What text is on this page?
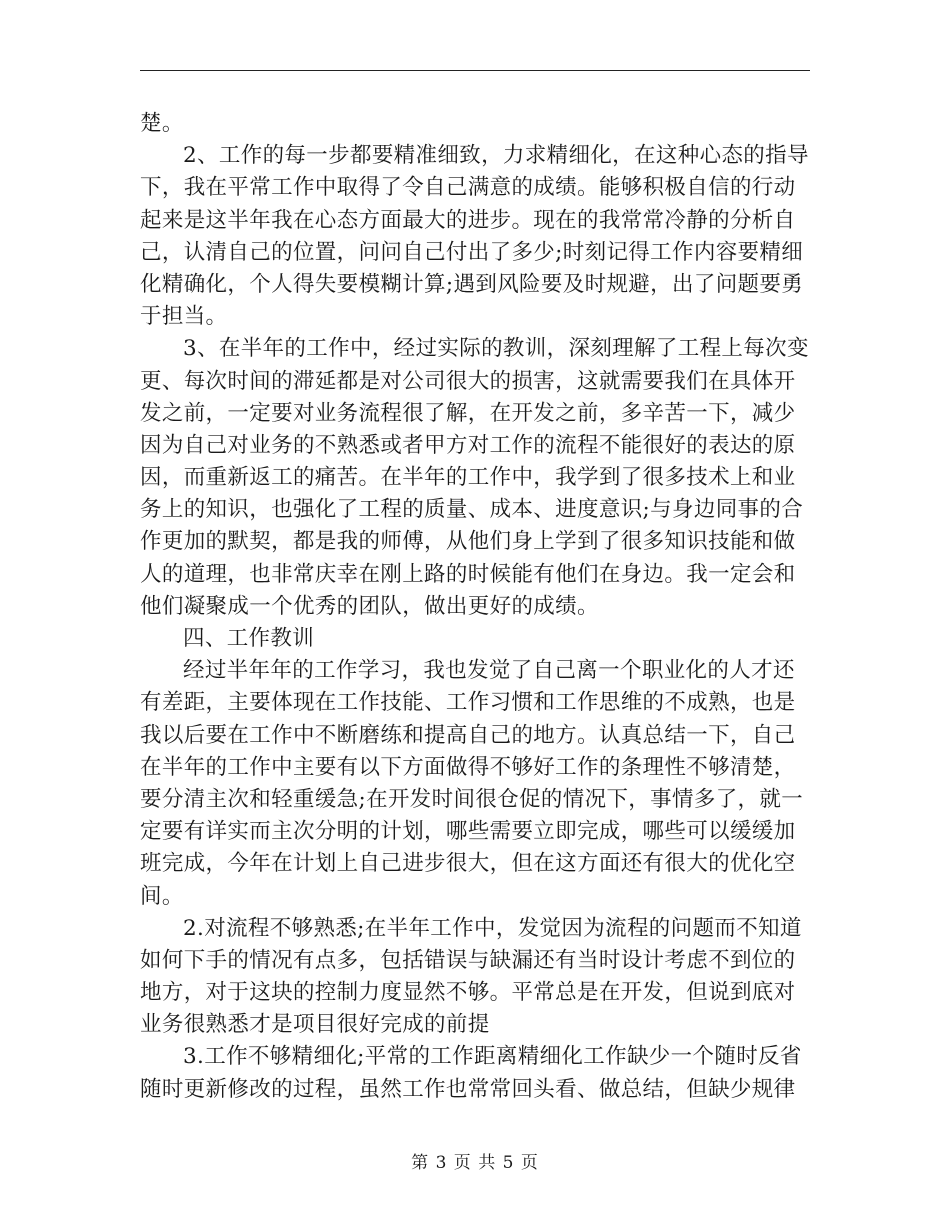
楚。
2、工作的每一步都要精准细致，力求精细化，在这种心态的指导
下，我在平常工作中取得了令自己满意的成绩。能够积极自信的行动
起来是这半年我在心态方面最大的进步。现在的我常常冷静的分析自
己，认清自己的位置，问问自己付出了多少;时刻记得工作内容要精细
化精确化，个人得失要模糊计算;遇到风险要及时规避，出了问题要勇
于担当。
3、在半年的工作中，经过实际的教训，深刻理解了工程上每次变
更、每次时间的滞延都是对公司很大的损害，这就需要我们在具体开
发之前，一定要对业务流程很了解，在开发之前，多辛苦一下，减少
因为自己对业务的不熟悉或者甲方对工作的流程不能很好的表达的原
因，而重新返工的痛苦。在半年的工作中，我学到了很多技术上和业
务上的知识，也强化了工程的质量、成本、进度意识;与身边同事的合
作更加的默契，都是我的师傅，从他们身上学到了很多知识技能和做
人的道理，也非常庆幸在刚上路的时候能有他们在身边。我一定会和
他们凝聚成一个优秀的团队，做出更好的成绩。
四、工作教训
经过半年年的工作学习，我也发觉了自己离一个职业化的人才还
有差距，主要体现在工作技能、工作习惯和工作思维的不成熟，也是
我以后要在工作中不断磨练和提高自己的地方。认真总结一下，自己
在半年的工作中主要有以下方面做得不够好工作的条理性不够清楚，
要分清主次和轻重缓急;在开发时间很仓促的情况下，事情多了，就一
定要有详实而主次分明的计划，哪些需要立即完成，哪些可以缓缓加
班完成，今年在计划上自己进步很大，但在这方面还有很大的优化空
间。
2.对流程不够熟悉;在半年工作中，发觉因为流程的问题而不知道
如何下手的情况有点多，包括错误与缺漏还有当时设计考虑不到位的
地方，对于这块的控制力度显然不够。平常总是在开发，但说到底对
业务很熟悉才是项目很好完成的前提
3.工作不够精细化;平常的工作距离精细化工作缺少一个随时反省
随时更新修改的过程，虽然工作也常常回头看、做总结，但缺少规律
第 3 页 共 5 页
